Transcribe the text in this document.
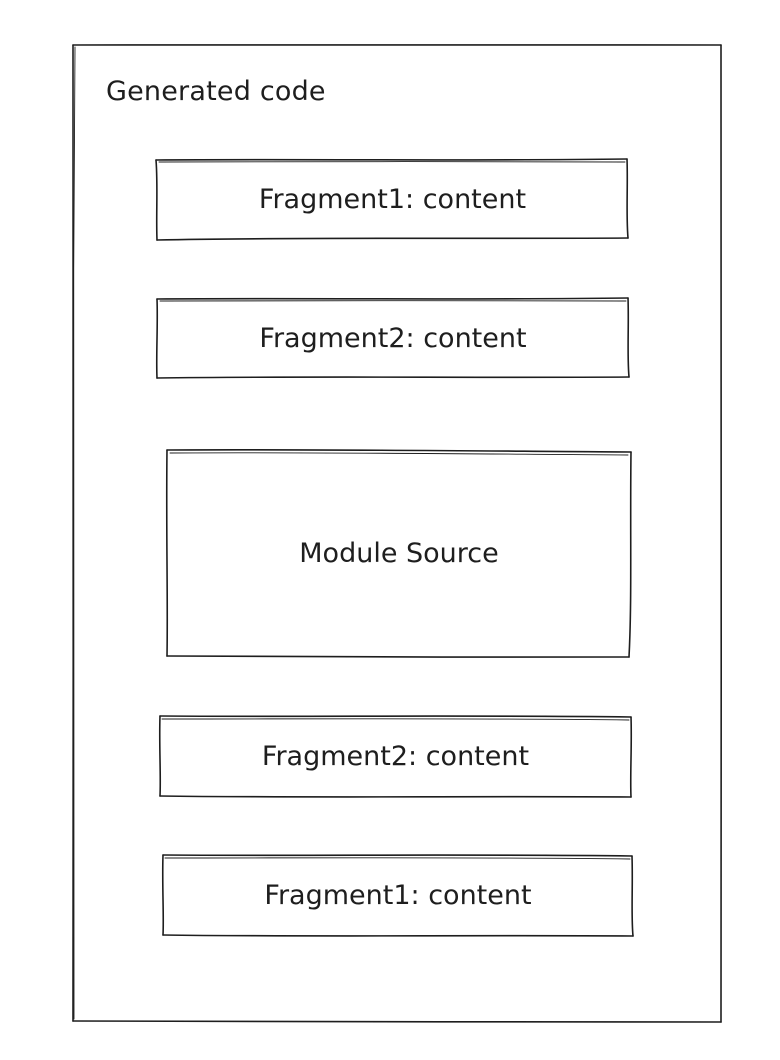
Generated code
Fragment1: content
Fragment2: content
Module Source
Fragment2: content
Fragment1: content
